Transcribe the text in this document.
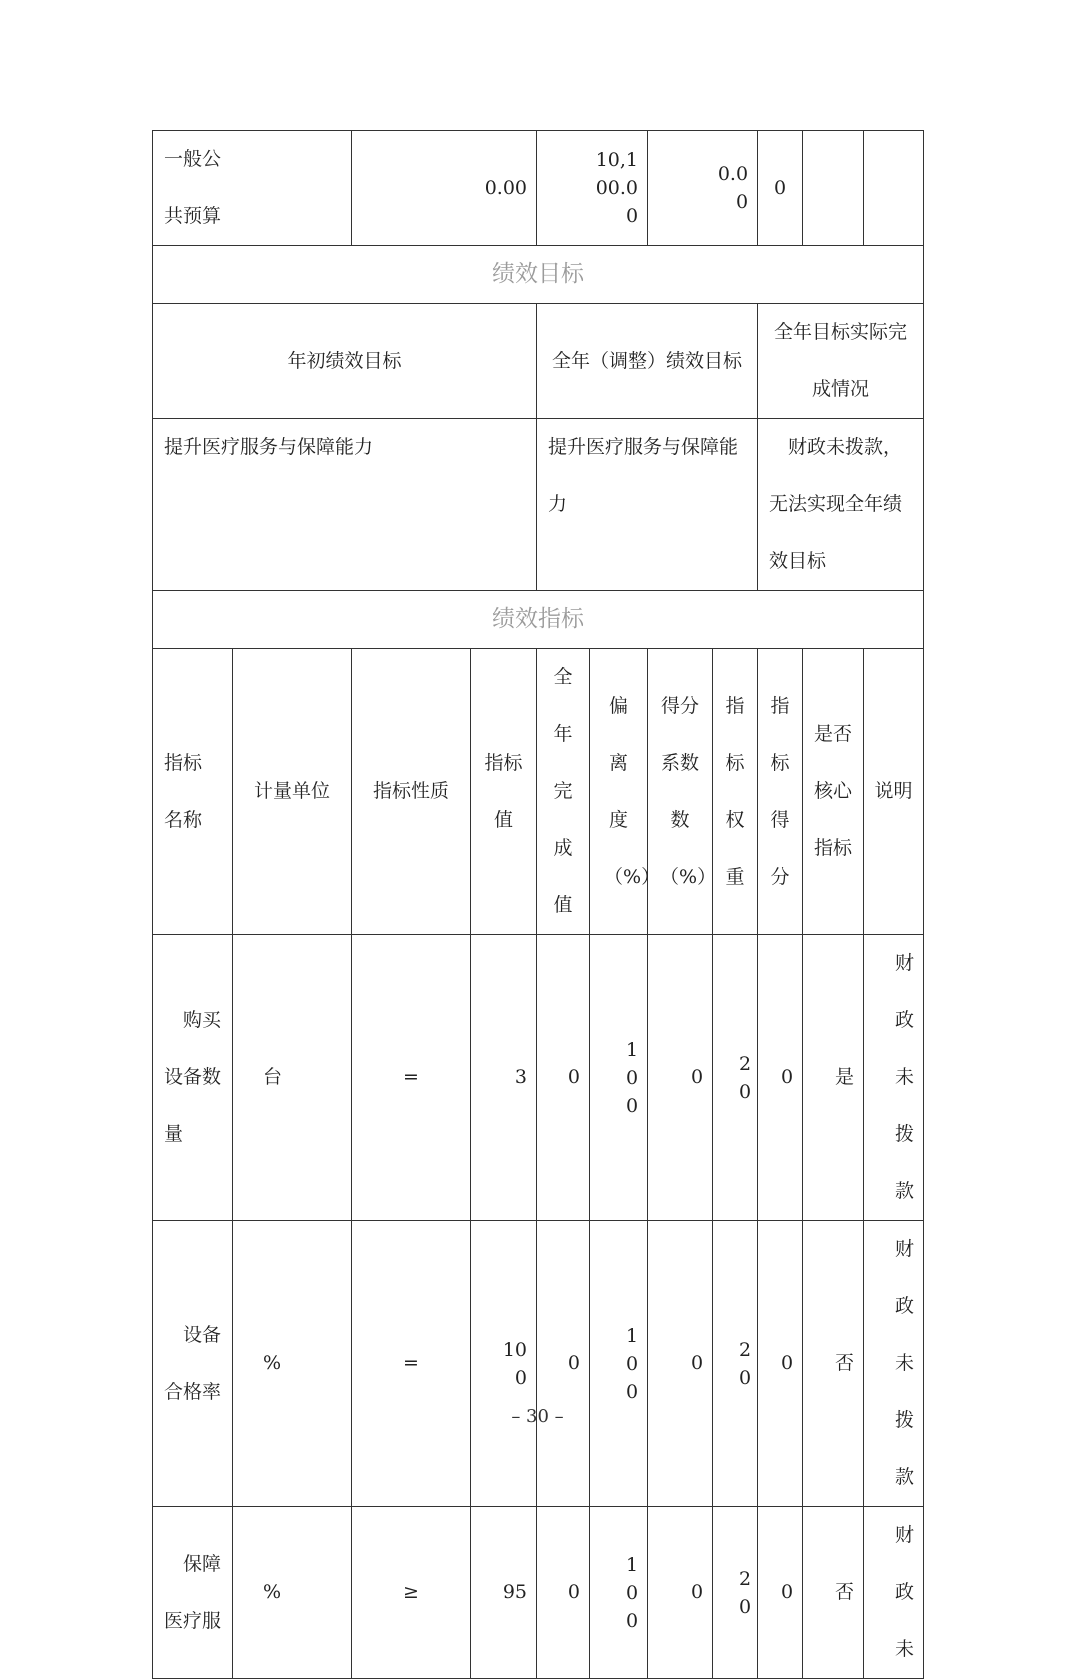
一般公共预算		0.00		10,100.00		0.00		0		
绩效目标										
年初绩效目标				全年（调整）绩效目标				全年目标实际完成情况		
提升医疗服务与保障能力				提升医疗服务与保障能力				财政未拨款，无法实现全年绩效目标		
绩效指标										
指标名称	计量单位	指标性质	指标值	全年完成值	偏离度（%）	得分系数数（%）	指标权重	指标得分	是否核心指标	说明
购买设备数量	台	=	3	0	100	0	20	0	是	财政未拨款
设备合格率	%	=	100	0	100	0	20	0	否	财政未拨款
保障医疗服	%	≥	95	0	100	0	20	0	否	财政未
– 30 –
